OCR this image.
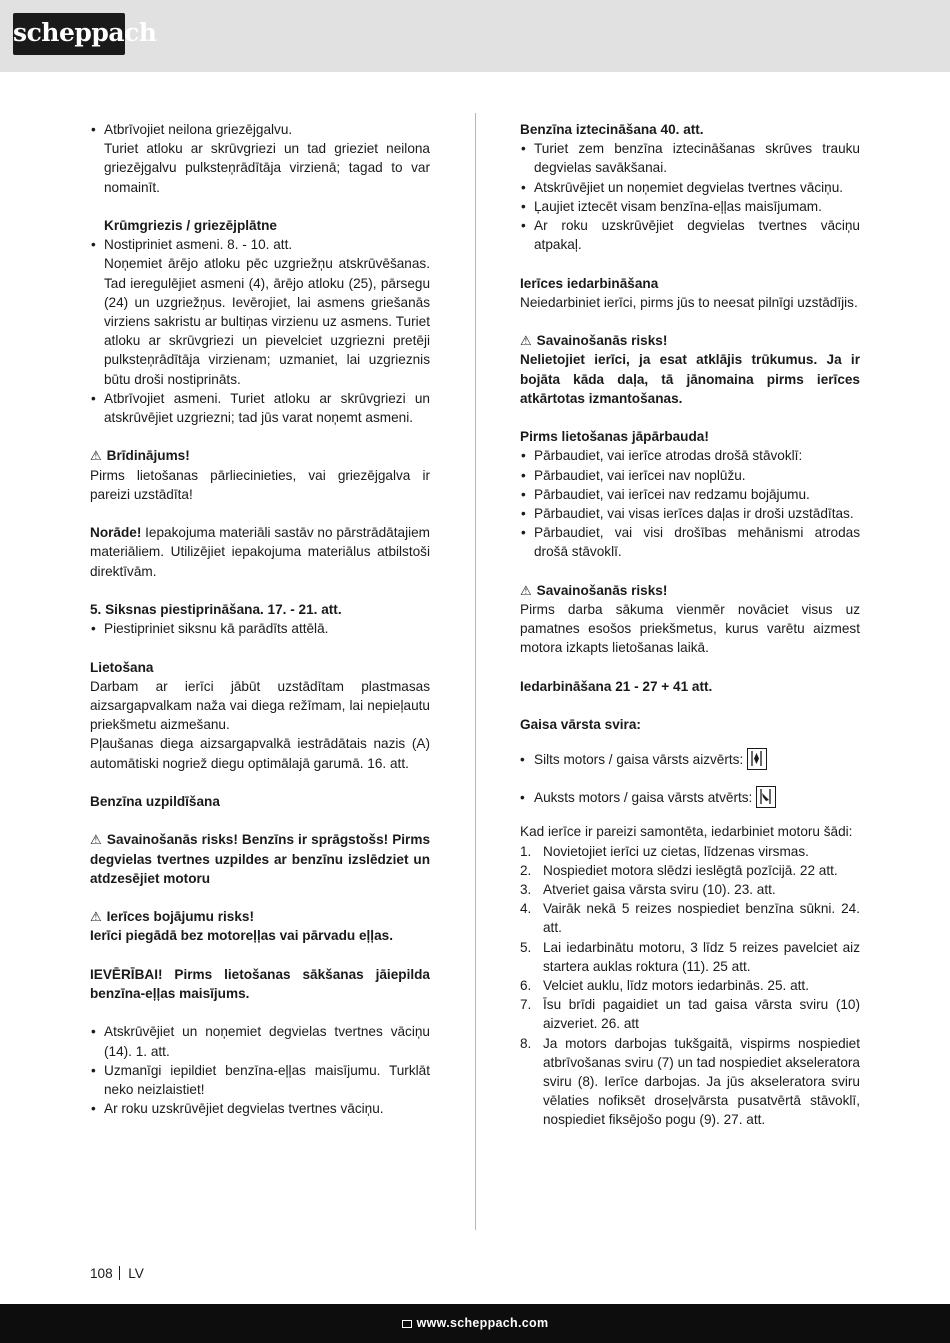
scheppach
• Atbrīvojiet neilona griezējgalvu.

Turiet atloku ar skrūvgriezi un tad grieziet neilona griezējgalvu pulksteņrādītāja virzienā; tagad to var nomainīt.

Krūmgriezis / griezējplātne

• Nostipriniet asmeni. 8. - 10. att.

Noņemiet ārējo atloku pēc uzgriežņu atskrūvēšanas. Tad ieregulējiet asmeni (4), ārējo atloku (25), pārsegu (24) un uzgriežņus. Ievērojiet, lai asmens griešanās virziens sakristu ar bultiņas virzienu uz asmens. Turiet atloku ar skrūvgriezi un pievelciet uzgriezni pretēji pulksteņrādītāja virzienam; uzmaniet, lai uzgrieznis būtu droši nostiprināts.

• Atbrīvojiet asmeni. Turiet atloku ar skrūvgriezi un atskrūvējiet uzgriezni; tad jūs varat noņemt asmeni.

⚠ Brīdinājums!

Pirms lietošanas pārliecinieties, vai griezējgalva ir pareizi uzstādīta!

Norāde! Iepakojuma materiāli sastāv no pārstrādātajiem materiāliem. Utilizējiet iepakojuma materiālus atbilstoši direktīvām.

5. Siksnas piestiprināšana. 17. - 21. att.

• Piestipriniet siksnu kā parādīts attēlā.

Lietošana

Darbam ar ierīci jābūt uzstādītam plastmasas aizsargapvalkam naža vai diega režīmam, lai nepieļautu priekšmetu aizmešanu.

Pļaušanas diega aizsargapvalkā iestrādātais nazis (A) automātiski nogriež diegu optimālajā garumā. 16. att.

Benzīna uzpildīšana

⚠ Savainošanās risks! Benzīns ir sprāgstošs! Pirms degvielas tvertnes uzpildes ar benzīnu izslēdziet un atdzesējiet motoru

⚠ Ierīces bojājumu risks!

Ierīci piegādā bez motoreļļas vai pārvadu eļļas.

IEVĒRĪBAI! Pirms lietošanas sākšanas jāiepilda benzīna-eļļas maisījums.

• Atskrūvējiet un noņemiet degvielas tvertnes vāciņu (14). 1. att.
• Uzmanīgi iepildiet benzīna-eļļas maisījumu. Turklāt neko neizlaistiet!
• Ar roku uzskrūvējiet degvielas tvertnes vāciņu.

Benzīna iztecināšana 40. att.

• Turiet zem benzīna iztecināšanas skrūves trauku degvielas savākšanai.
• Atskrūvējiet un noņemiet degvielas tvertnes vāciņu.
• Ļaujiet iztecēt visam benzīna-eļļas maisījumam.
• Ar roku uzskrūvējiet degvielas tvertnes vāciņu atpakaļ.

Ierīces iedarbināšana

Neiedarbiniet ierīci, pirms jūs to neesat pilnīgi uzstādījis.

⚠ Savainošanās risks!

Nelietojiet ierīci, ja esat atklājis trūkumus. Ja ir bojāta kāda daļa, tā jānomaina pirms ierīces atkārtotas izmantošanas.

Pirms lietošanas jāpārbauda!

• Pārbaudiet, vai ierīce atrodas drošā stāvoklī:
• Pārbaudiet, vai ierīcei nav noplūžu.
• Pārbaudiet, vai ierīcei nav redzamu bojājumu.
• Pārbaudiet, vai visas ierīces daļas ir droši uzstādītas.
• Pārbaudiet, vai visi drošības mehānismi atrodas drošā stāvoklī.

⚠ Savainošanās risks!

Pirms darba sākuma vienmēr novāciet visus uz pamatnes esošos priekšmetus, kurus varētu aizmest motora izkapts lietošanas laikā.

Iedarbināšana 21 - 27 + 41 att.

Gaisa vārsta svira:

• Silts motors / gaisa vārsts aizvērts:
• Auksts motors / gaisa vārsts atvērts:

Kad ierīce ir pareizi samontēta, iedarbiniet motoru šādi:

1. Novietojiet ierīci uz cietas, līdzenas virsmas.
2. Nospiediet motora slēdzi ieslēgtā pozīcijā. 22 att.
3. Atveriet gaisa vārsta sviru (10). 23. att.
4. Vairāk nekā 5 reizes nospiediet benzīna sūkni. 24. att.
5. Lai iedarbinātu motoru, 3 līdz 5 reizes pavelciet aiz startera auklas roktura (11). 25 att.
6. Velciet auklu, līdz motors iedarbinās. 25. att.
7. Īsu brīdi pagaidiet un tad gaisa vārsta sviru (10) aizveriet. 26. att
8. Ja motors darbojas tukšgaitā, vispirms nospiediet atbrīvošanas sviru (7) un tad nospiediet akseleratora sviru (8). Ierīce darbojas. Ja jūs akseleratora sviru vēlaties nofiksēt droseļvārsta pusatvērtā stāvoklī, nospiediet fiksējošo pogu (9). 27. att.
108 LV
www.scheppach.com
